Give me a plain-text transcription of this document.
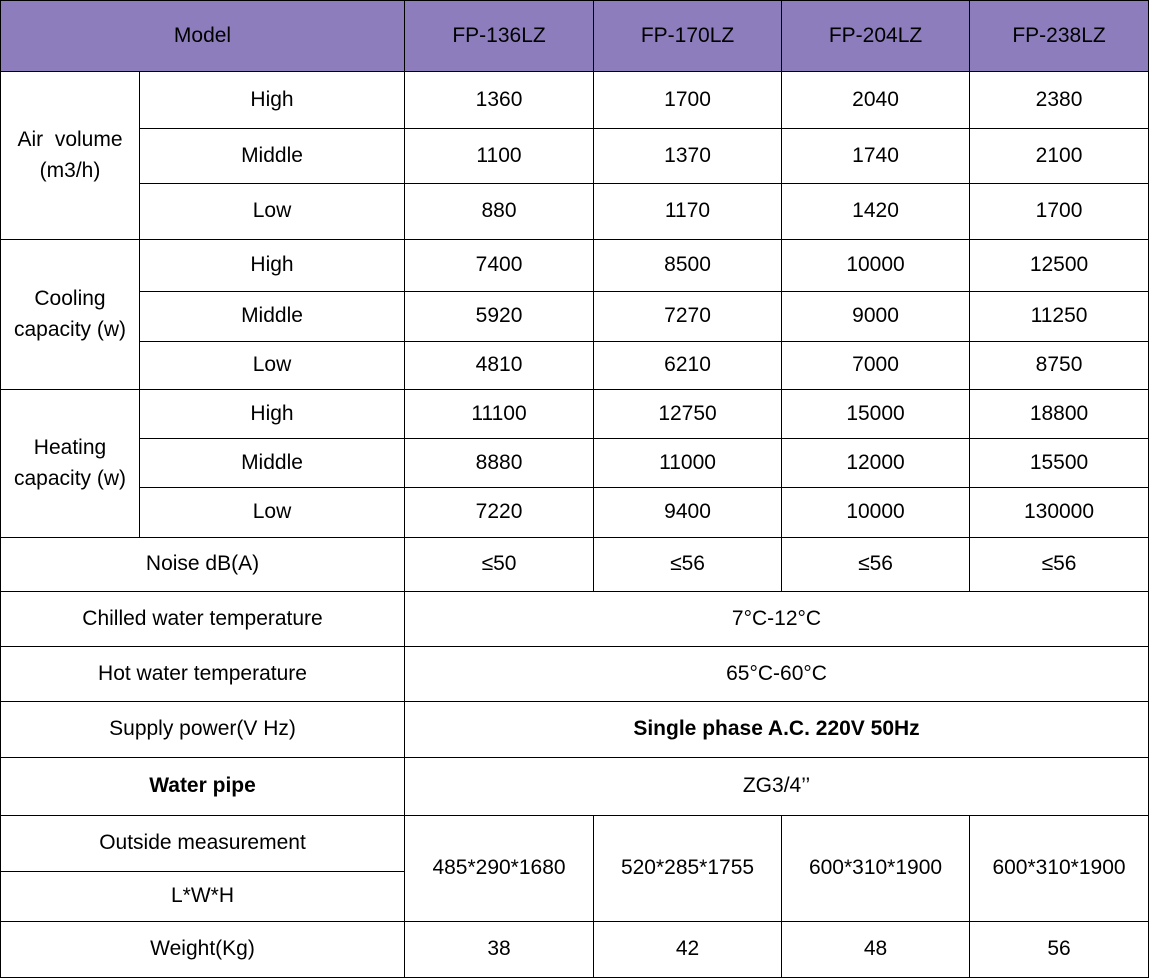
Model		FP-136LZ	FP-170LZ	FP-204LZ	FP-238LZ
Air  volume
(m3/h)	High	1360	1700	2040	2380
	Middle	1100	1370	1740	2100
	Low	880	1170	1420	1700
Cooling
capacity (w)	High	7400	8500	10000	12500
	Middle	5920	7270	9000	11250
	Low	4810	6210	7000	8750
Heating
capacity (w)	High	11100	12750	15000	18800
	Middle	8880	11000	12000	15500
	Low	7220	9400	10000	130000
Noise dB(A)		≤50	≤56	≤56	≤56
Chilled water temperature		7°C-12°C			
Hot water temperature		65°C-60°C			
Supply power(V Hz)		Single phase A.C. 220V 50Hz			
Water pipe		ZG3/4’’			
Outside measurement		485*290*1680	520*285*1755	600*310*1900	600*310*1900
L*W*H					
Weight(Kg)		38	42	48	56
